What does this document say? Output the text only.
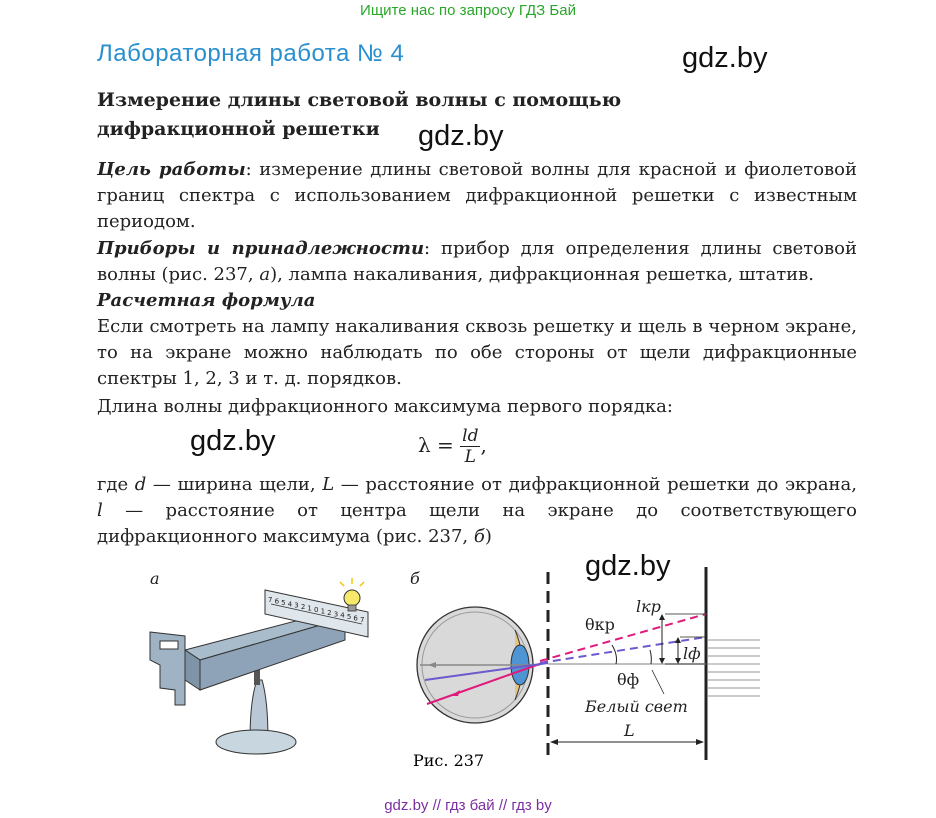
Ищите нас по запросу ГДЗ Бай
Лабораторная работа № 4	gdz.by
Измерение длины световой волны с помощью
дифракционной решетки	gdz.by
Цель работы: измерение длины световой волны для красной и фиолетовой границ спектра с использованием дифракционной решетки с известным периодом.
Приборы и принадлежности: прибор для определения длины световой волны (рис. 237, а), лампа накаливания, дифракционная решетка, штатив.
Расчетная формула
Если смотреть на лампу накаливания сквозь решетку и щель в черном экране, то на экране можно наблюдать по обе стороны от щели дифракционные спектры 1, 2, 3 и т. д. порядков.
Длина волны дифракционного максимума первого порядка:
gdz.by	$\lambda = \frac{ld}{L}$ ,
где d — ширина щели, L — расстояние от дифракционной решетки до экрана, l — расстояние от центра щели на экране до соответствующего дифракционного максимума (рис. 237, б)
gdz.by
а
7 6 5 4 3 2 1 0 1 2 3 4 5 6 7
б
θкр
lкр
lф
θф
Белый свет
L
Рис. 237
gdz.by // гдз бай // гдз by
